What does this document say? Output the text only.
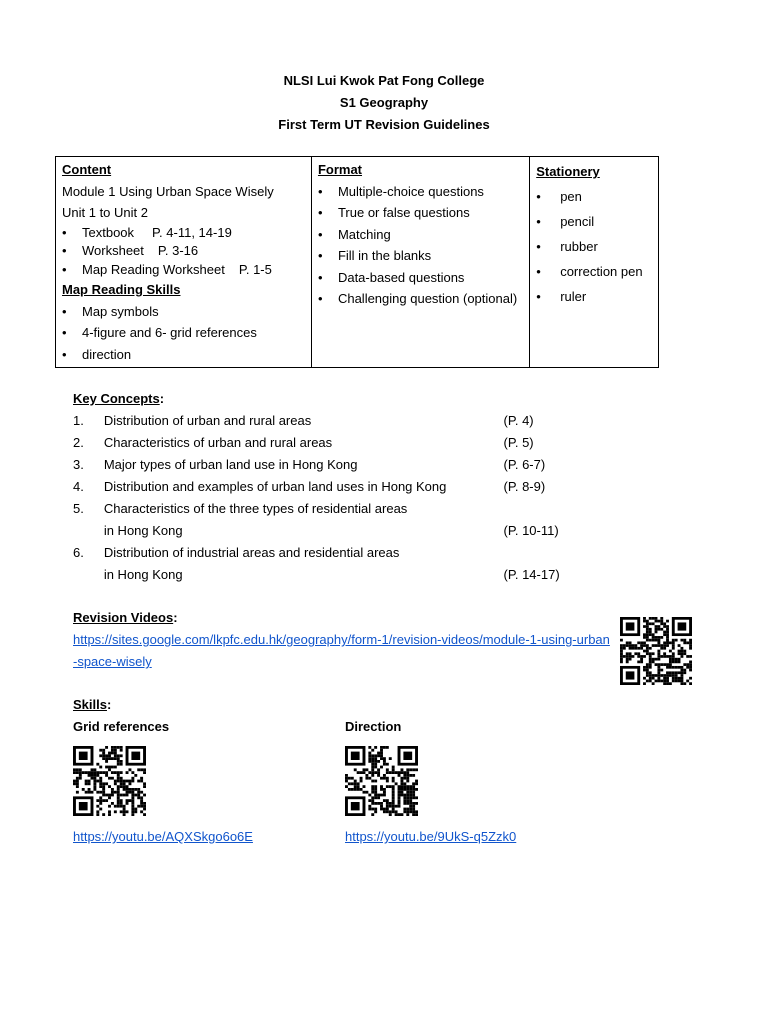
NLSI Lui Kwok Pat Fong College
S1 Geography
First Term UT Revision Guidelines
Content
Module 1 Using Urban Space Wisely
Unit 1 to Unit 2
• Textbook P. 4-11, 14-19
• Worksheet P. 3-16
• Map Reading Worksheet P. 1-5
Map Reading Skills
• Map symbols
• 4-figure and 6- grid references
• direction

Format
• Multiple-choice questions
• True or false questions
• Matching
• Fill in the blanks
• Data-based questions
• Challenging question (optional)

Stationery
• pen
• pencil
• rubber
• correction pen
• ruler
Key Concepts:
1.	Distribution of urban and rural areas	(P. 4)
2.	Characteristics of urban and rural areas	(P. 5)
3.	Major types of urban land use in Hong Kong	(P. 6-7)
4.	Distribution and examples of urban land uses in Hong Kong	(P. 8-9)
5.	Characteristics of the three types of residential areas
in Hong Kong	(P. 10-11)
6.	Distribution of industrial areas and residential areas
in Hong Kong	(P. 14-17)
Revision Videos:
https://sites.google.com/lkpfc.edu.hk/geography/form-1/revision-videos/module-1-using-urban-space-wisely
Skills:
Grid references
https://youtu.be/AQXSkgo6o6E
Direction
https://youtu.be/9UkS-q5Zzk0
